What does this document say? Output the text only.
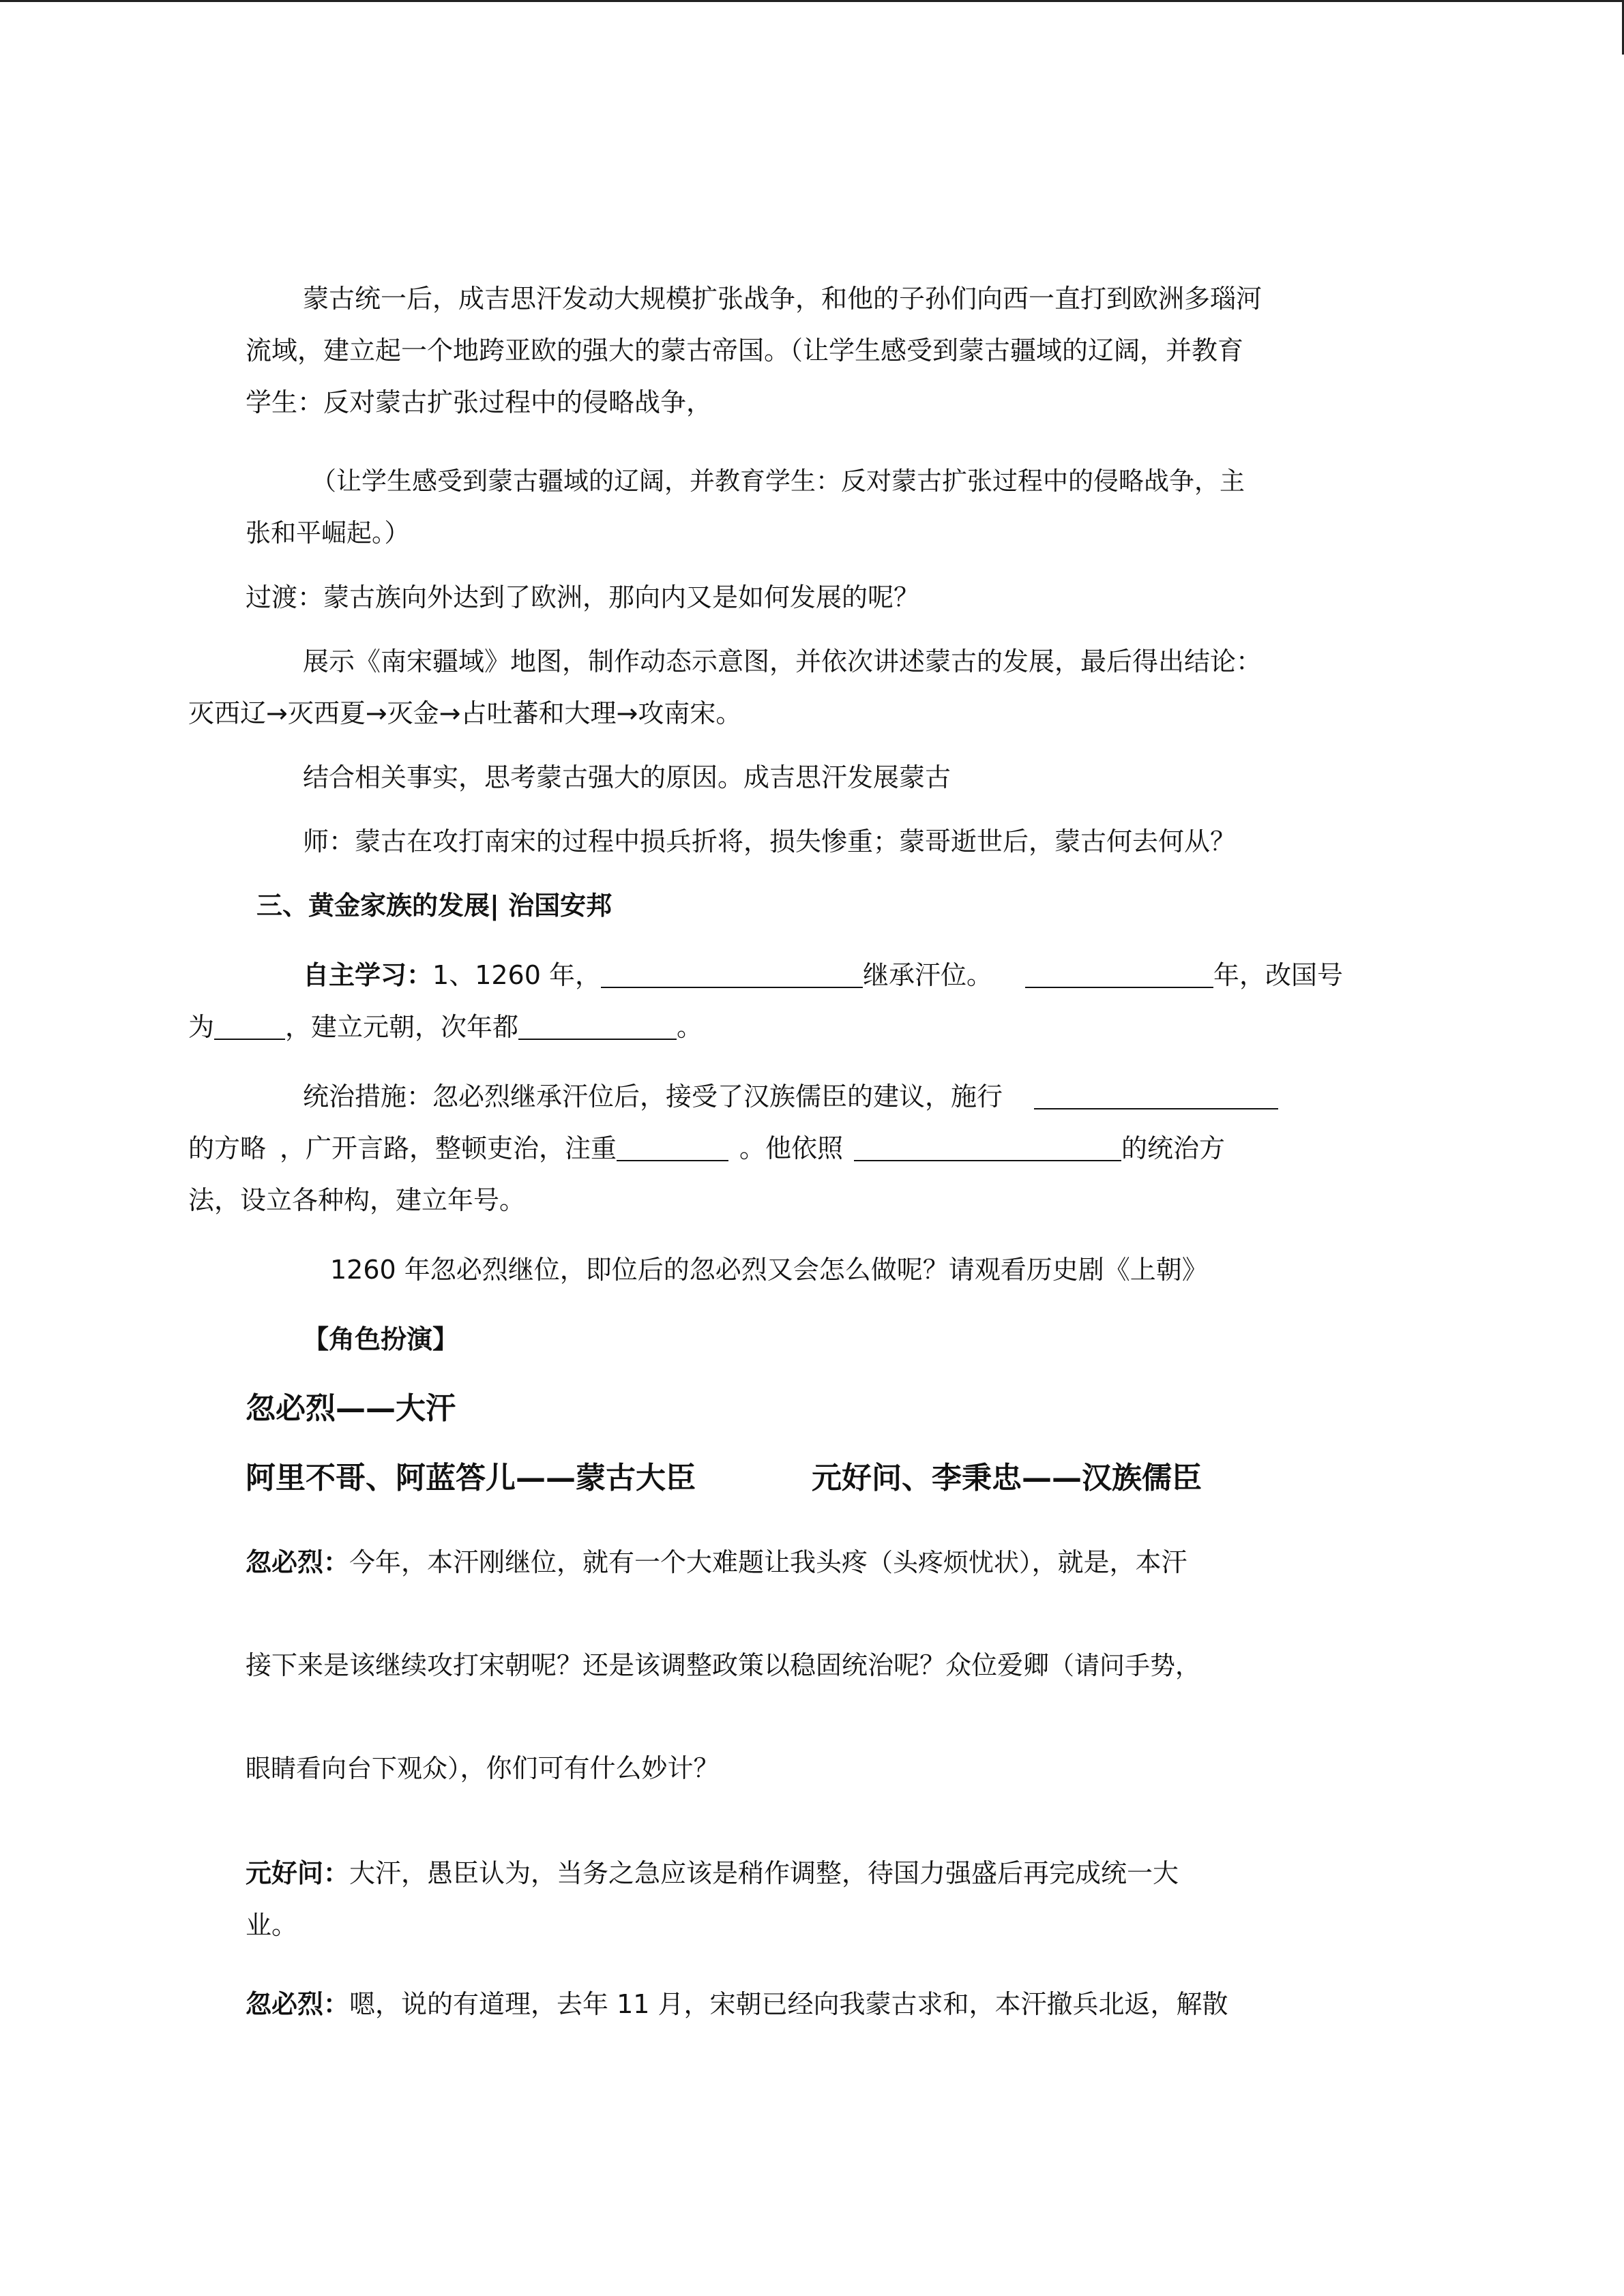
蒙古统一后，成吉思汗发动大规模扩张战争，和他的子孙们向西一直打到欧洲多瑙河
流域，建立起一个地跨亚欧的强大的蒙古帝国。（让学生感受到蒙古疆域的辽阔，并教育
学生：反对蒙古扩张过程中的侵略战争，

（让学生感受到蒙古疆域的辽阔，并教育学生：反对蒙古扩张过程中的侵略战争，主
张和平崛起。）

过渡：蒙古族向外达到了欧洲，那向内又是如何发展的呢？

展示《南宋疆域》地图，制作动态示意图，并依次讲述蒙古的发展，最后得出结论：
灭西辽→灭西夏→灭金→占吐蕃和大理→攻南宋。

结合相关事实，思考蒙古强大的原因。成吉思汗发展蒙古

师：蒙古在攻打南宋的过程中损兵折将，损失惨重；蒙哥逝世后，蒙古何去何从？

三、黄金家族的发展| 治国安邦

自主学习：1、1260 年，	继承汗位。	年，改国号
为	，建立元朝，次年都	。

统治措施：忽必烈继承汗位后，接受了汉族儒臣的建议，施行
的方略 ，广开言路，整顿吏治，注重	。他依照	的统治方
法，设立各种构，建立年号。

1260 年忽必烈继位，即位后的忽必烈又会怎么做呢？请观看历史剧《上朝》

【角色扮演】

忽必烈——大汗

阿里不哥、阿蓝答儿——蒙古大臣	元好问、李秉忠——汉族儒臣

忽必烈：今年，本汗刚继位，就有一个大难题让我头疼（头疼烦忧状），就是，本汗
接下来是该继续攻打宋朝呢？还是该调整政策以稳固统治呢？众位爱卿（请问手势，
眼睛看向台下观众），你们可有什么妙计？

元好问：大汗，愚臣认为，当务之急应该是稍作调整，待国力强盛后再完成统一大
业。

忽必烈：嗯，说的有道理，去年 11 月，宋朝已经向我蒙古求和，本汗撤兵北返，解散
